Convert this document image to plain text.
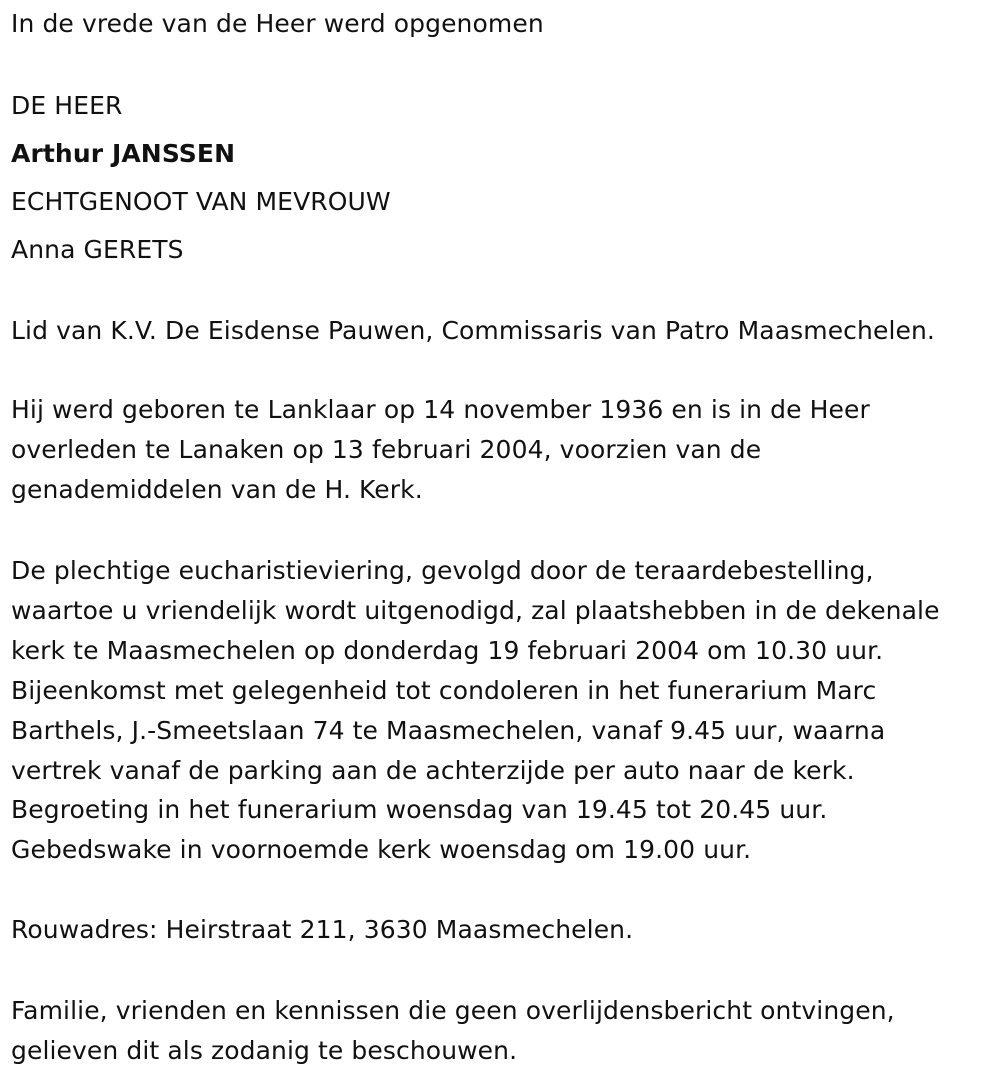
In de vrede van de Heer werd opgenomen
DE HEER
Arthur JANSSEN
ECHTGENOOT VAN MEVROUW
Anna GERETS
Lid van K.V. De Eisdense Pauwen, Commissaris van Patro Maasmechelen.
Hij werd geboren te Lanklaar op 14 november 1936 en is in de Heer
overleden te Lanaken op 13 februari 2004, voorzien van de
genademiddelen van de H. Kerk.
De plechtige eucharistieviering, gevolgd door de teraardebestelling,
waartoe u vriendelijk wordt uitgenodigd, zal plaatshebben in de dekenale
kerk te Maasmechelen op donderdag 19 februari 2004 om 10.30 uur.
Bijeenkomst met gelegenheid tot condoleren in het funerarium Marc
Barthels, J.-Smeetslaan 74 te Maasmechelen, vanaf 9.45 uur, waarna
vertrek vanaf de parking aan de achterzijde per auto naar de kerk.
Begroeting in het funerarium woensdag van 19.45 tot 20.45 uur.
Gebedswake in voornoemde kerk woensdag om 19.00 uur.
Rouwadres: Heirstraat 211, 3630 Maasmechelen.
Familie, vrienden en kennissen die geen overlijdensbericht ontvingen,
gelieven dit als zodanig te beschouwen.
